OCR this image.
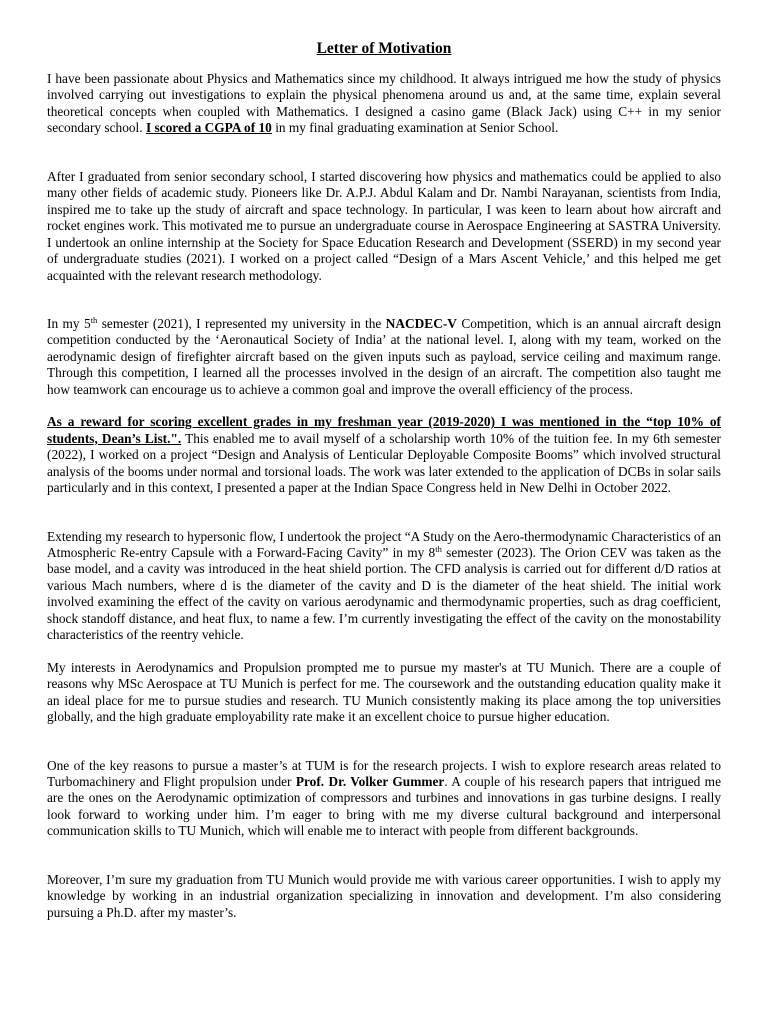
Letter of Motivation

I have been passionate about Physics and Mathematics since my childhood. It always intrigued me how the study of physics involved carrying out investigations to explain the physical phenomena around us and, at the same time, explain several theoretical concepts when coupled with Mathematics. I designed a casino game (Black Jack) using C++ in my senior secondary school. I scored a CGPA of 10 in my final graduating examination at Senior School.

After I graduated from senior secondary school, I started discovering how physics and mathematics could be applied to also many other fields of academic study. Pioneers like Dr. A.P.J. Abdul Kalam and Dr. Nambi Narayanan, scientists from India, inspired me to take up the study of aircraft and space technology. In particular, I was keen to learn about how aircraft and rocket engines work. This motivated me to pursue an undergraduate course in Aerospace Engineering at SASTRA University. I undertook an online internship at the Society for Space Education Research and Development (SSERD) in my second year of undergraduate studies (2021). I worked on a project called “Design of a Mars Ascent Vehicle,’ and this helped me get acquainted with the relevant research methodology.

In my 5th semester (2021), I represented my university in the NACDEC-V Competition, which is an annual aircraft design competition conducted by the ‘Aeronautical Society of India’ at the national level. I, along with my team, worked on the aerodynamic design of firefighter aircraft based on the given inputs such as payload, service ceiling and maximum range. Through this competition, I learned all the processes involved in the design of an aircraft. The competition also taught me how teamwork can encourage us to achieve a common goal and improve the overall efficiency of the process.

As a reward for scoring excellent grades in my freshman year (2019-2020) I was mentioned in the “top 10% of students, Dean’s List.". This enabled me to avail myself of a scholarship worth 10% of the tuition fee. In my 6th semester (2022), I worked on a project “Design and Analysis of Lenticular Deployable Composite Booms” which involved structural analysis of the booms under normal and torsional loads. The work was later extended to the application of DCBs in solar sails particularly and in this context, I presented a paper at the Indian Space Congress held in New Delhi in October 2022.

Extending my research to hypersonic flow, I undertook the project “A Study on the Aero-thermodynamic Characteristics of an Atmospheric Re-entry Capsule with a Forward-Facing Cavity” in my 8th semester (2023). The Orion CEV was taken as the base model, and a cavity was introduced in the heat shield portion. The CFD analysis is carried out for different d/D ratios at various Mach numbers, where d is the diameter of the cavity and D is the diameter of the heat shield. The initial work involved examining the effect of the cavity on various aerodynamic and thermodynamic properties, such as drag coefficient, shock standoff distance, and heat flux, to name a few. I’m currently investigating the effect of the cavity on the monostability characteristics of the reentry vehicle.

My interests in Aerodynamics and Propulsion prompted me to pursue my master's at TU Munich. There are a couple of reasons why MSc Aerospace at TU Munich is perfect for me. The coursework and the outstanding education quality make it an ideal place for me to pursue studies and research. TU Munich consistently making its place among the top universities globally, and the high graduate employability rate make it an excellent choice to pursue higher education.

One of the key reasons to pursue a master’s at TUM is for the research projects. I wish to explore research areas related to Turbomachinery and Flight propulsion under Prof. Dr. Volker Gummer. A couple of his research papers that intrigued me are the ones on the Aerodynamic optimization of compressors and turbines and innovations in gas turbine designs. I really look forward to working under him. I’m eager to bring with me my diverse cultural background and interpersonal communication skills to TU Munich, which will enable me to interact with people from different backgrounds.

Moreover, I’m sure my graduation from TU Munich would provide me with various career opportunities. I wish to apply my knowledge by working in an industrial organization specializing in innovation and development. I’m also considering pursuing a Ph.D. after my master’s.
